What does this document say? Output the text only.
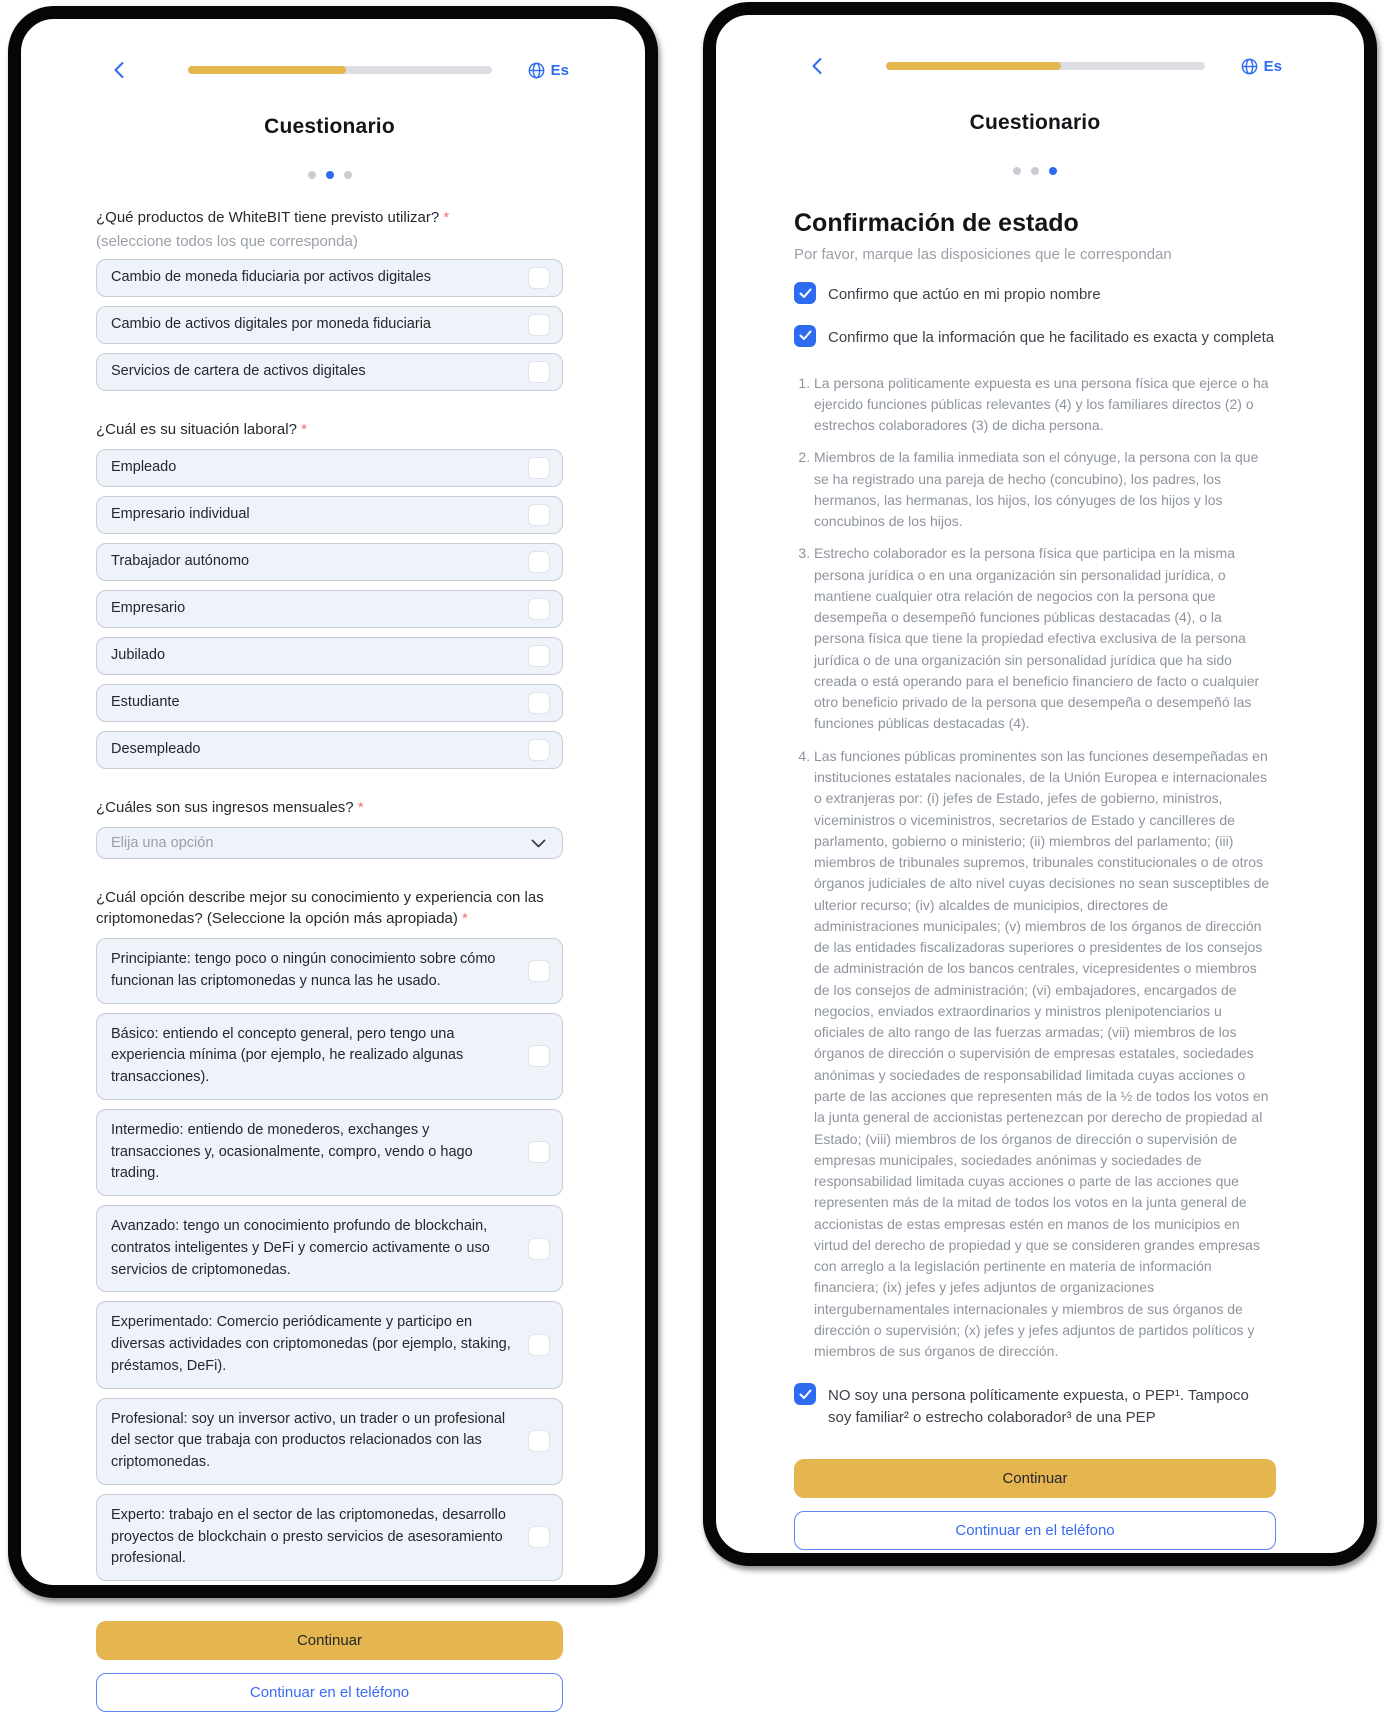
Es
Cuestionario

¿Qué productos de WhiteBIT tiene previsto utilizar? *

(seleccione todos los que corresponda)
Cambio de moneda fiduciaria por activos digitales
Cambio de activos digitales por moneda fiduciaria
Servicios de cartera de activos digitales

¿Cuál es su situación laboral? *

Empleado
Empresario individual
Trabajador autónomo
Empresario
Jubilado
Estudiante
Desempleado

¿Cuáles son sus ingresos mensuales? *

Elija una opción

¿Cuál opción describe mejor su conocimiento y experiencia con las criptomonedas? (Seleccione la opción más apropiada) *

Principiante: tengo poco o ningún conocimiento sobre cómo funcionan las criptomonedas y nunca las he usado.
Básico: entiendo el concepto general, pero tengo una experiencia mínima (por ejemplo, he realizado algunas transacciones).
Intermedio: entiendo de monederos, exchanges y transacciones y, ocasionalmente, compro, vendo o hago trading.
Avanzado: tengo un conocimiento profundo de blockchain, contratos inteligentes y DeFi y comercio activamente o uso servicios de criptomonedas.
Experimentado: Comercio periódicamente y participo en diversas actividades con criptomonedas (por ejemplo, staking, préstamos, DeFi).
Profesional: soy un inversor activo, un trader o un profesional del sector que trabaja con productos relacionados con las criptomonedas.
Experto: trabajo en el sector de las criptomonedas, desarrollo proyectos de blockchain o presto servicios de asesoramiento profesional.
Continuar
Continuar en el teléfono
Es
Cuestionario
Confirmación de estado
Por favor, marque las disposiciones que le correspondan
Confirmo que actúo en mi propio nombre
Confirmo que la información que he facilitado es exacta y completa
1. La persona politicamente expuesta es una persona física que ejerce o ha ejercido funciones públicas relevantes (4) y los familiares directos (2) o estrechos colaboradores (3) de dicha persona.
2. Miembros de la familia inmediata son el cónyuge, la persona con la que se ha registrado una pareja de hecho (concubino), los padres, los hermanos, las hermanas, los hijos, los cónyuges de los hijos y los concubinos de los hijos.
3. Estrecho colaborador es la persona física que participa en la misma persona jurídica o en una organización sin personalidad jurídica, o mantiene cualquier otra relación de negocios con la persona que desempeña o desempeñó funciones públicas destacadas (4), o la persona física que tiene la propiedad efectiva exclusiva de la persona jurídica o de una organización sin personalidad jurídica que ha sido creada o está operando para el beneficio financiero de facto o cualquier otro beneficio privado de la persona que desempeña o desempeñó las funciones públicas destacadas (4).
4. Las funciones públicas prominentes son las funciones desempeñadas en instituciones estatales nacionales, de la Unión Europea e internacionales o extranjeras por: (i) jefes de Estado, jefes de gobierno, ministros, viceministros o viceministros, secretarios de Estado y cancilleres de parlamento, gobierno o ministerio; (ii) miembros del parlamento; (iii) miembros de tribunales supremos, tribunales constitucionales o de otros órganos judiciales de alto nivel cuyas decisiones no sean susceptibles de ulterior recurso; (iv) alcaldes de municipios, directores de administraciones municipales; (v) miembros de los órganos de dirección de las entidades fiscalizadoras superiores o presidentes de los consejos de administración de los bancos centrales, vicepresidentes o miembros de los consejos de administración; (vi) embajadores, encargados de negocios, enviados extraordinarios y ministros plenipotenciarios u oficiales de alto rango de las fuerzas armadas; (vii) miembros de los órganos de dirección o supervisión de empresas estatales, sociedades anónimas y sociedades de responsabilidad limitada cuyas acciones o parte de las acciones que representen más de la ½ de todos los votos en la junta general de accionistas pertenezcan por derecho de propiedad al Estado; (viii) miembros de los órganos de dirección o supervisión de empresas municipales, sociedades anónimas y sociedades de responsabilidad limitada cuyas acciones o parte de las acciones que representen más de la mitad de todos los votos en la junta general de accionistas de estas empresas estén en manos de los municipios en virtud del derecho de propiedad y que se consideren grandes empresas con arreglo a la legislación pertinente en materia de información financiera; (ix) jefes y jefes adjuntos de organizaciones intergubernamentales internacionales y miembros de sus órganos de dirección o supervisión; (x) jefes y jefes adjuntos de partidos políticos y miembros de sus órganos de dirección.
NO soy una persona políticamente expuesta, o PEP¹. Tampoco soy familiar² o estrecho colaborador³ de una PEP
Continuar
Continuar en el teléfono
